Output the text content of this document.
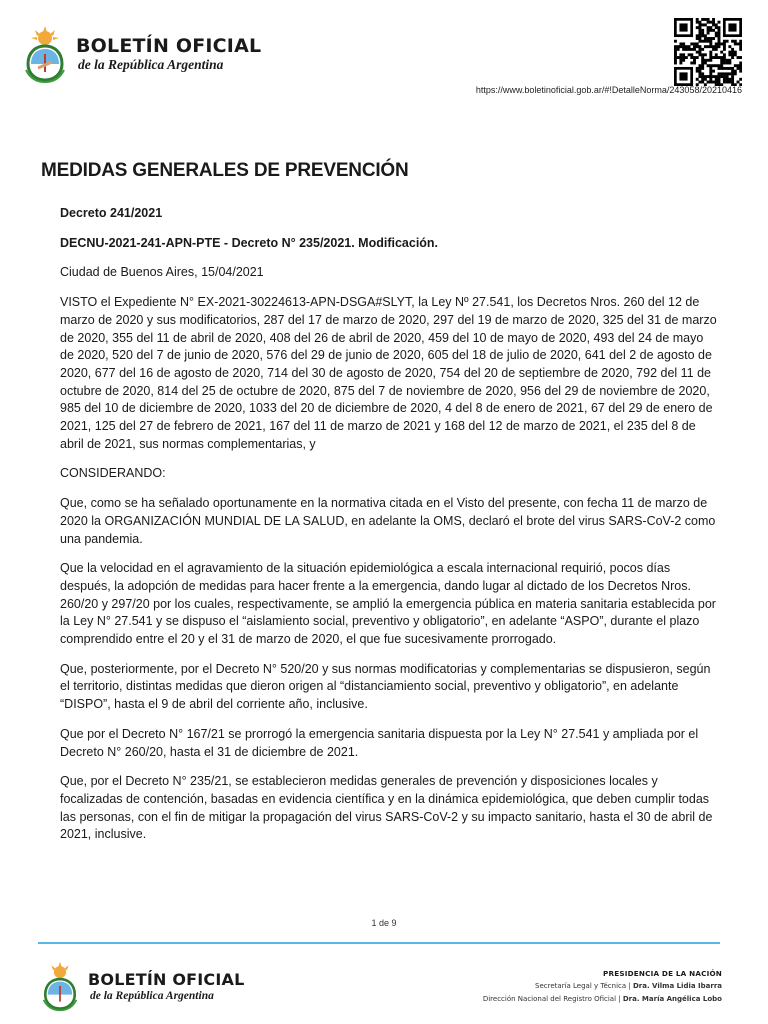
BOLETÍN OFICIAL
de la República Argentina
https://www.boletinoficial.gob.ar/#!DetalleNorma/243058/20210416
MEDIDAS GENERALES DE PREVENCIÓN

Decreto 241/2021

DECNU-2021-241-APN-PTE - Decreto N° 235/2021. Modificación.

Ciudad de Buenos Aires, 15/04/2021

VISTO el Expediente N° EX-2021-30224613-APN-DSGA#SLYT, la Ley Nº 27.541, los Decretos Nros. 260 del 12 de marzo de 2020 y sus modificatorios, 287 del 17 de marzo de 2020, 297 del 19 de marzo de 2020, 325 del 31 de marzo de 2020, 355 del 11 de abril de 2020, 408 del 26 de abril de 2020, 459 del 10 de mayo de 2020, 493 del 24 de mayo de 2020, 520 del 7 de junio de 2020, 576 del 29 de junio de 2020, 605 del 18 de julio de 2020, 641 del 2 de agosto de 2020, 677 del 16 de agosto de 2020, 714 del 30 de agosto de 2020, 754 del 20 de septiembre de 2020, 792 del 11 de octubre de 2020, 814 del 25 de octubre de 2020, 875 del 7 de noviembre de 2020, 956 del 29 de noviembre de 2020, 985 del 10 de diciembre de 2020, 1033 del 20 de diciembre de 2020, 4 del 8 de enero de 2021, 67 del 29 de enero de 2021, 125 del 27 de febrero de 2021, 167 del 11 de marzo de 2021 y 168 del 12 de marzo de 2021, el 235 del 8 de abril de 2021, sus normas complementarias, y

CONSIDERANDO:

Que, como se ha señalado oportunamente en la normativa citada en el Visto del presente, con fecha 11 de marzo de 2020 la ORGANIZACIÓN MUNDIAL DE LA SALUD, en adelante la OMS, declaró el brote del virus SARS-CoV-2 como una pandemia.

Que la velocidad en el agravamiento de la situación epidemiológica a escala internacional requirió, pocos días después, la adopción de medidas para hacer frente a la emergencia, dando lugar al dictado de los Decretos Nros. 260/20 y 297/20 por los cuales, respectivamente, se amplió la emergencia pública en materia sanitaria establecida por la Ley N° 27.541 y se dispuso el “aislamiento social, preventivo y obligatorio”, en adelante “ASPO”, durante el plazo comprendido entre el 20 y el 31 de marzo de 2020, el que fue sucesivamente prorrogado.

Que, posteriormente, por el Decreto N° 520/20 y sus normas modificatorias y complementarias se dispusieron, según el territorio, distintas medidas que dieron origen al “distanciamiento social, preventivo y obligatorio”, en adelante “DISPO”, hasta el 9 de abril del corriente año, inclusive.

Que por el Decreto N° 167/21 se prorrogó la emergencia sanitaria dispuesta por la Ley N° 27.541 y ampliada por el Decreto N° 260/20, hasta el 31 de diciembre de 2021.

Que, por el Decreto N° 235/21, se establecieron medidas generales de prevención y disposiciones locales y focalizadas de contención, basadas en evidencia científica y en la dinámica epidemiológica, que deben cumplir todas las personas, con el fin de mitigar la propagación del virus SARS-CoV-2 y su impacto sanitario, hasta el 30 de abril de 2021, inclusive.

1 de 9
BOLETÍN OFICIAL
de la República Argentina
PRESIDENCIA DE LA NACIÓN
Secretaría Legal y Técnica | Dra. Vilma Lidia Ibarra
Dirección Nacional del Registro Oficial | Dra. María Angélica Lobo
